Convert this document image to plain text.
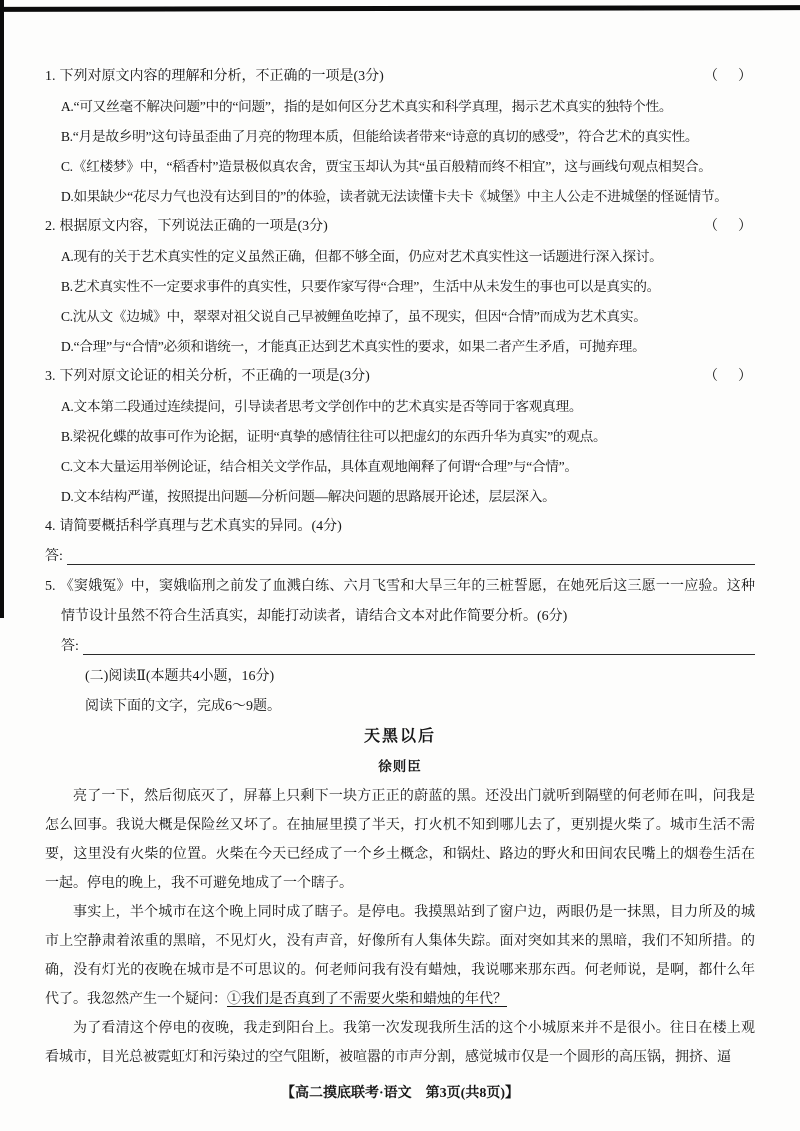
1. 下列对原文内容的理解和分析，不正确的一项是(3分)	（　）
A.“可又丝毫不解决问题”中的“问题”，指的是如何区分艺术真实和科学真理，揭示艺术真实的独特个性。
B.“月是故乡明”这句诗虽歪曲了月亮的物理本质，但能给读者带来“诗意的真切的感受”，符合艺术的真实性。
C.《红楼梦》中，“稻香村”造景极似真农舍，贾宝玉却认为其“虽百般精而终不相宜”，这与画线句观点相契合。
D.如果缺少“花尽力气也没有达到目的”的体验，读者就无法读懂卡夫卡《城堡》中主人公走不进城堡的怪诞情节。
2. 根据原文内容，下列说法正确的一项是(3分)	（　）
A.现有的关于艺术真实性的定义虽然正确，但都不够全面，仍应对艺术真实性这一话题进行深入探讨。
B.艺术真实性不一定要求事件的真实性，只要作家写得“合理”，生活中从未发生的事也可以是真实的。
C.沈从文《边城》中，翠翠对祖父说自己早被鲤鱼吃掉了，虽不现实，但因“合情”而成为艺术真实。
D.“合理”与“合情”必须和谐统一，才能真正达到艺术真实性的要求，如果二者产生矛盾，可抛弃理。
3. 下列对原文论证的相关分析，不正确的一项是(3分)	（　）
A.文本第二段通过连续提问，引导读者思考文学创作中的艺术真实是否等同于客观真理。
B.梁祝化蝶的故事可作为论据，证明“真挚的感情往往可以把虚幻的东西升华为真实”的观点。
C.文本大量运用举例论证，结合相关文学作品，具体直观地阐释了何谓“合理”与“合情”。
D.文本结构严谨，按照提出问题—分析问题—解决问题的思路展开论述，层层深入。
4. 请简要概括科学真理与艺术真实的异同。(4分)
答:
5. 《窦娥冤》中，窦娥临刑之前发了血溅白练、六月飞雪和大旱三年的三桩誓愿，在她死后这三愿一一应验。这种情节设计虽然不符合生活真实，却能打动读者，请结合文本对此作简要分析。(6分)
答:
(二)阅读Ⅱ(本题共4小题，16分)
阅读下面的文字，完成6～9题。
天黑以后
徐则臣

亮了一下，然后彻底灭了，屏幕上只剩下一块方正正的蔚蓝的黑。还没出门就听到隔壁的何老师在叫，问我是怎么回事。我说大概是保险丝又坏了。在抽屉里摸了半天，打火机不知到哪儿去了，更别提火柴了。城市生活不需要，这里没有火柴的位置。火柴在今天已经成了一个乡土概念，和锅灶、路边的野火和田间农民嘴上的烟卷生活在一起。停电的晚上，我不可避免地成了一个瞎子。

事实上，半个城市在这个晚上同时成了瞎子。是停电。我摸黑站到了窗户边，两眼仍是一抹黑，目力所及的城市上空静肃着浓重的黑暗，不见灯火，没有声音，好像所有人集体失踪。面对突如其来的黑暗，我们不知所措。的确，没有灯光的夜晚在城市是不可思议的。何老师问我有没有蜡烛，我说哪来那东西。何老师说，是啊，都什么年代了。我忽然产生一个疑问：①我们是否真到了不需要火柴和蜡烛的年代？

为了看清这个停电的夜晚，我走到阳台上。我第一次发现我所生活的这个小城原来并不是很小。往日在楼上观看城市，目光总被霓虹灯和污染过的空气阻断，被喧嚣的市声分割，感觉城市仅是一个圆形的高压锅，拥挤、逼

【高二摸底联考·语文　第3页(共8页)】
